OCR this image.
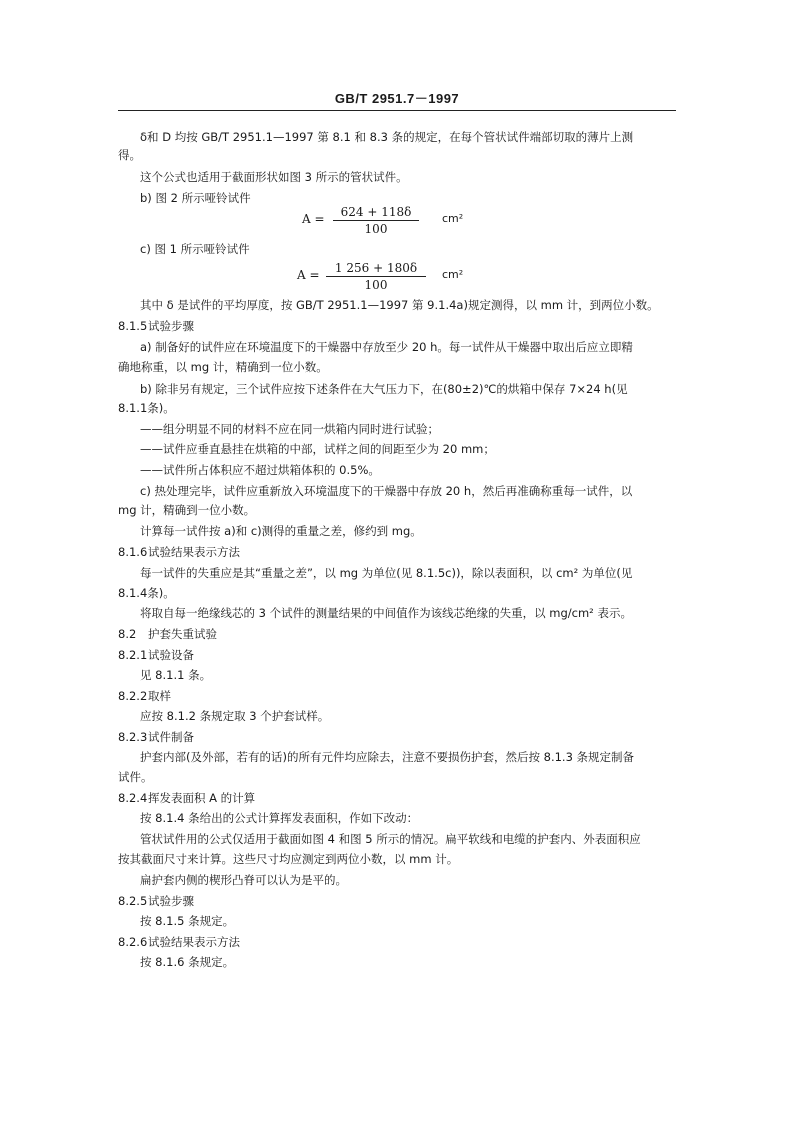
GB/T 2951.7－1997
δ和 D 均按 GB/T 2951.1—1997 第 8.1 和 8.3 条的规定，在每个管状试件端部切取的薄片上测
得。
这个公式也适用于截面形状如图 3 所示的管状试件。
b) 图 2 所示哑铃试件
$A = \frac{624 + 118\delta}{100} cm^2$
c) 图 1 所示哑铃试件
$A = \frac{1 256 + 180\delta}{100} cm^2$
其中 δ 是试件的平均厚度，按 GB/T 2951.1—1997 第 9.1.4a)规定测得，以 mm 计，到两位小数。
8.1.5试验步骤
a) 制备好的试件应在环境温度下的干燥器中存放至少 20 h。每一试件从干燥器中取出后应立即精
确地称重，以 mg 计，精确到一位小数。
b) 除非另有规定，三个试件应按下述条件在大气压力下，在(80±2)℃的烘箱中保存 7×24 h(见
8.1.1条)。
——组分明显不同的材料不应在同一烘箱内同时进行试验；
——试件应垂直悬挂在烘箱的中部，试样之间的间距至少为 20 mm；
——试件所占体积应不超过烘箱体积的 0.5%。
c) 热处理完毕，试件应重新放入环境温度下的干燥器中存放 20 h，然后再准确称重每一试件，以
mg 计，精确到一位小数。
计算每一试件按 a)和 c)测得的重量之差，修约到 mg。
8.1.6试验结果表示方法
每一试件的失重应是其“重量之差”，以 mg 为单位(见 8.1.5c))，除以表面积，以 cm² 为单位(见
8.1.4条)。
将取自每一绝缘线芯的 3 个试件的测量结果的中间值作为该线芯绝缘的失重，以 mg/cm² 表示。
8.2 护套失重试验
8.2.1试验设备
见 8.1.1 条。
8.2.2取样
应按 8.1.2 条规定取 3 个护套试样。
8.2.3试件制备
护套内部(及外部，若有的话)的所有元件均应除去，注意不要损伤护套，然后按 8.1.3 条规定制备
试件。
8.2.4挥发表面积 A 的计算
按 8.1.4 条给出的公式计算挥发表面积，作如下改动：
管状试件用的公式仅适用于截面如图 4 和图 5 所示的情况。扁平软线和电缆的护套内、外表面积应
按其截面尺寸来计算。这些尺寸均应测定到两位小数，以 mm 计。
扁护套内侧的楔形凸脊可以认为是平的。
8.2.5试验步骤
按 8.1.5 条规定。
8.2.6试验结果表示方法
按 8.1.6 条规定。
